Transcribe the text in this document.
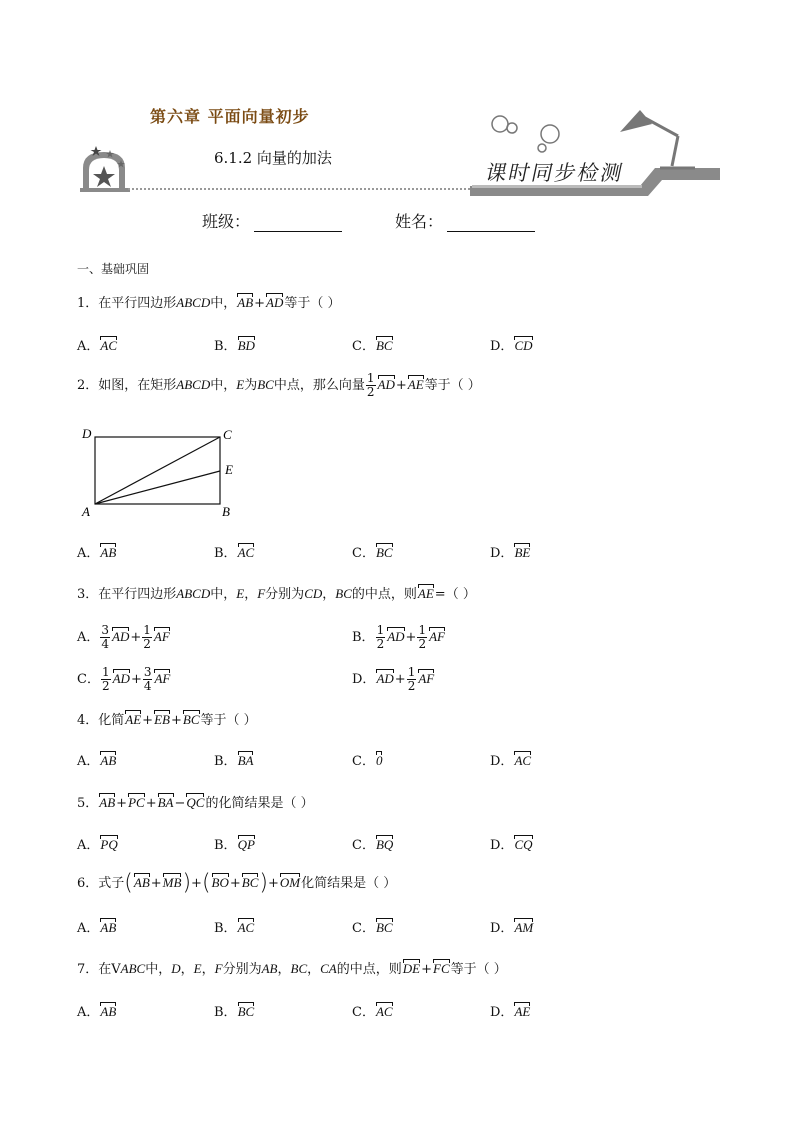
第六章 平面向量初步
6.1.2 向量的加法
课时同步检测
班级：	姓名：
一、基础巩固
1．在平行四边形ABCD中，AB+AD等于（ ）
A．AC	B．BD	C．BC	D．CD
2．如图，在矩形ABCD中，E为BC中点，那么向量 $\frac{1}{2} AD+AE$等于（ ）
D	C
E
A	B
A．AB	B．AC	C．BC	D．BE
3．在平行四边形ABCD中，E，F分别为CD，BC的中点，则AE=（ ）
A． $\frac{3}{4} AD+ \frac{1}{2}$ AF	B． $\frac{1}{2} AD+ \frac{1}{2}$ AF
C． $\frac{1}{2} AD+ \frac{3}{4}$ AF	D．$AD+ \frac{1}{2}$ AF
4．化简AE+EB+BC等于（ ）
A．AB	B．BA	C．0	D．AC
5．AB+PC+BA−QC的化简结果是（ ）
A．PQ	B．QP	C．BQ	D．CQ
6．式子(AB+MB)+(BO+BC)+OM化简结果是（ ）
A．AB	B．AC	C．BC	D．AM
7．在VABC中，D，E，F分别为AB，BC，CA的中点，则DE+FC等于（ ）
A．AB	B．BC	C．AC	D．AE
